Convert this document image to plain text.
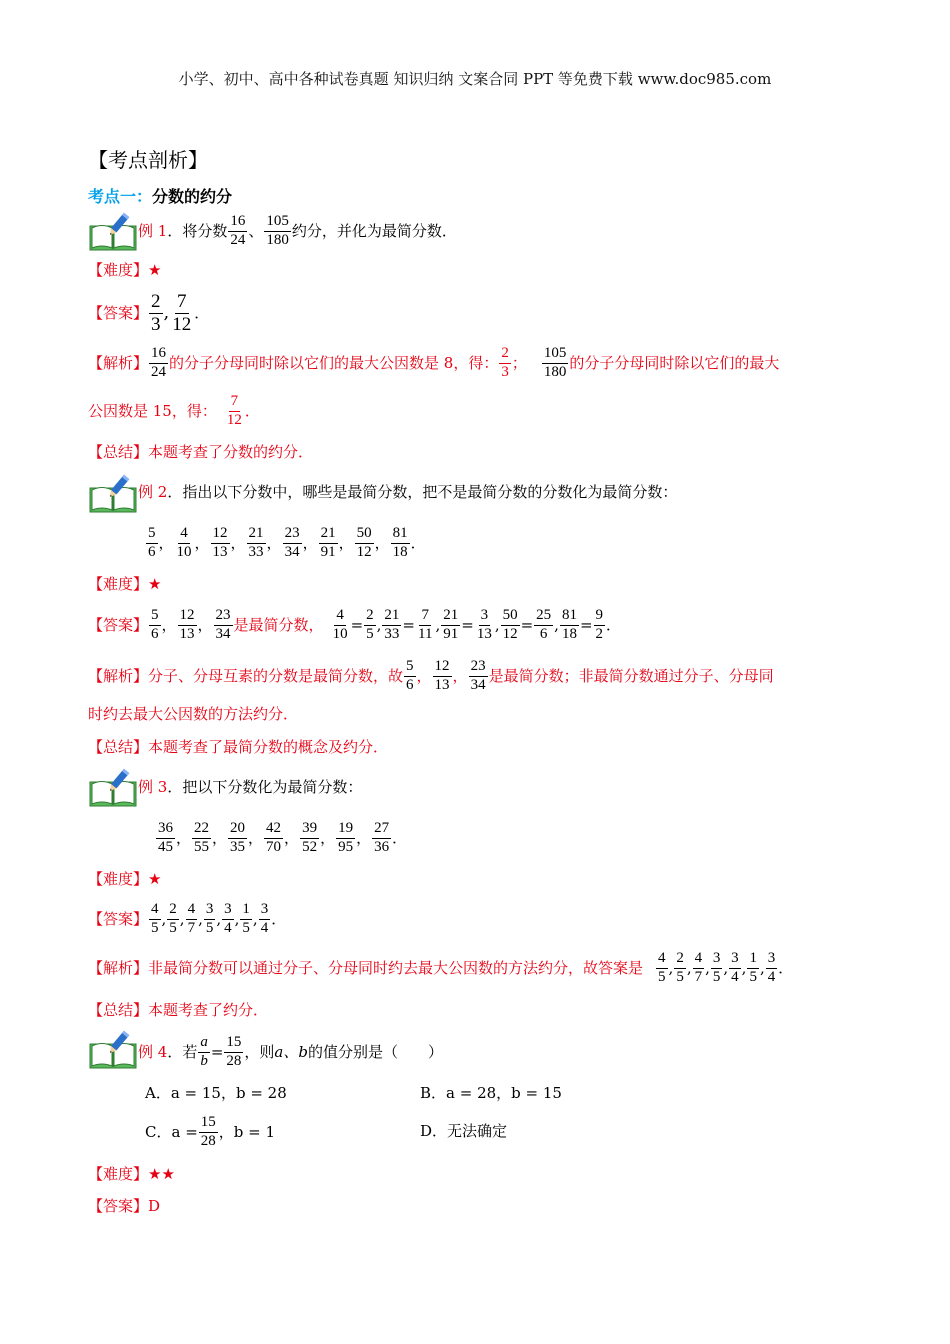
小学、初中、高中各种试卷真题 知识归纳 文案合同 PPT 等免费下载 www.doc985.com
【考点剖析】
考点一：分数的约分
例 1 ．将分数 $\frac{16}{24}$ 、 $\frac{105}{180}$ 约分，并化为最简分数．
【难度】 ★
【答案】 $\frac{2}{3}$ , $\frac{7}{12}$ ．
【解析】 $\frac{16}{24}$ 的分子分母同时除以它们的最大公因数是 8，得： $\frac{2}{3}$ ； $\frac{105}{180}$ 的分子分母同时除以它们的最大
公因数是 15，得： $\frac{7}{12}$ ．
【总结】 本题考查了分数的约分．
例 2 ．指出以下分数中，哪些是最简分数，把不是最简分数的分数化为最简分数：
$\frac{5}{6}$ ， $\frac{4}{10}$ ， $\frac{12}{13}$ ， $\frac{21}{33}$ ， $\frac{23}{34}$ ， $\frac{21}{91}$ ， $\frac{50}{12}$ ， $\frac{81}{18}$ ．
【难度】 ★
【答案】 $\frac{5}{6}$ ， $\frac{12}{13}$ ， $\frac{23}{34}$ 是最简分数， $\frac{4}{10} = \frac{2}{5}$ , $\frac{21}{33} = \frac{7}{11}$ , $\frac{21}{91} = \frac{3}{13}$ , $\frac{50}{12} = \frac{25}{6}$ , $\frac{81}{18} = \frac{9}{2}$ ．
【解析】 分子、分母互素的分数是最简分数，故 $\frac{5}{6}$ ， $\frac{12}{13}$ ， $\frac{23}{34}$ 是最简分数；非最简分数通过分子、分母同
时约去最大公因数的方法约分．
【总结】 本题考查了最简分数的概念及约分．
例 3 ．把以下分数化为最简分数：
$\frac{36}{45}$ ， $\frac{22}{55}$ ， $\frac{20}{35}$ ， $\frac{42}{70}$ ， $\frac{39}{52}$ ， $\frac{19}{95}$ ， $\frac{27}{36}$ ．
【难度】 ★
【答案】 $\frac{4}{5}$ , $\frac{2}{5}$ , $\frac{4}{7}$ , $\frac{3}{5}$ , $\frac{3}{4}$ , $\frac{1}{5}$ , $\frac{3}{4}$ ．
【解析】 非最简分数可以通过分子、分母同时约去最大公因数的方法约分，故答案是 $\frac{4}{5}$ , $\frac{2}{5}$ , $\frac{4}{7}$ , $\frac{3}{5}$ , $\frac{3}{4}$ , $\frac{1}{5}$ , $\frac{3}{4}$ ．
【总结】 本题考查了约分．
例 4 ．若 $\frac{a}{b} = \frac{15}{28}$ ，则 a、b 的值分别是（　　）
A．a = 15，b = 28	B．a = 28，b = 15
C．$a = \frac{15}{28}$ ，b = 1	D．无法确定
【难度】 ★★
【答案】 D
